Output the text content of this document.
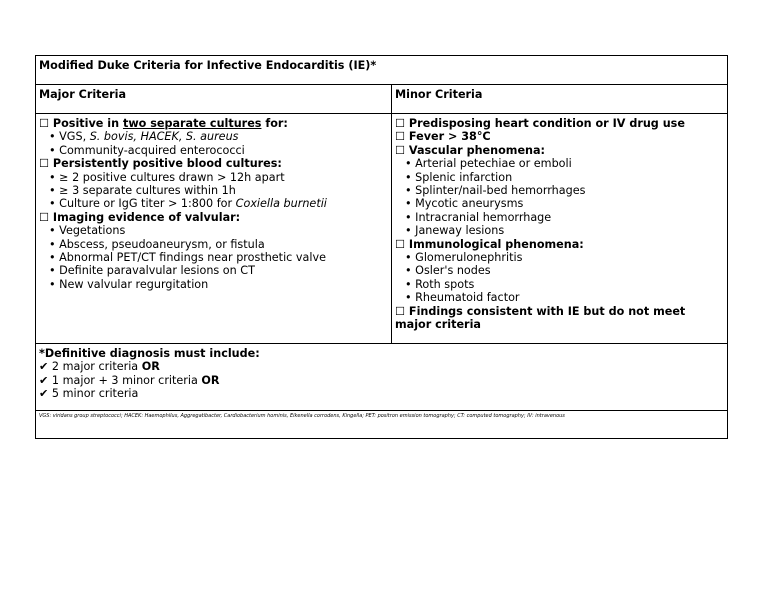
Modified Duke Criteria for Infective Endocarditis (IE)*
Major Criteria	Minor Criteria
☐ Positive in two separate cultures for:
• VGS, S. bovis, HACEK, S. aureus
• Community-acquired enterococci
☐ Persistently positive blood cultures:
• ≥ 2 positive cultures drawn > 12h apart
• ≥ 3 separate cultures within 1h
• Culture or IgG titer > 1:800 for Coxiella burnetii
☐ Imaging evidence of valvular:
• Vegetations
• Abscess, pseudoaneurysm, or fistula
• Abnormal PET/CT findings near prosthetic valve
• Definite paravalvular lesions on CT
• New valvular regurgitation
☐ Predisposing heart condition or IV drug use
☐ Fever > 38°C
☐ Vascular phenomena:
• Arterial petechiae or emboli
• Splenic infarction
• Splinter/nail-bed hemorrhages
• Mycotic aneurysms
• Intracranial hemorrhage
• Janeway lesions
☐ Immunological phenomena:
• Glomerulonephritis
• Osler's nodes
• Roth spots
• Rheumatoid factor
☐ Findings consistent with IE but do not meet major criteria
*Definitive diagnosis must include:
✔ 2 major criteria OR
✔ 1 major + 3 minor criteria OR
✔ 5 minor criteria
VGS: viridans group streptococci; HACEK: Haemophilus, Aggregatibacter, Cardiobacterium hominis, Eikenella corrodens, Kingella; PET: positron emission tomography; CT: computed tomography; IV: intravenous
